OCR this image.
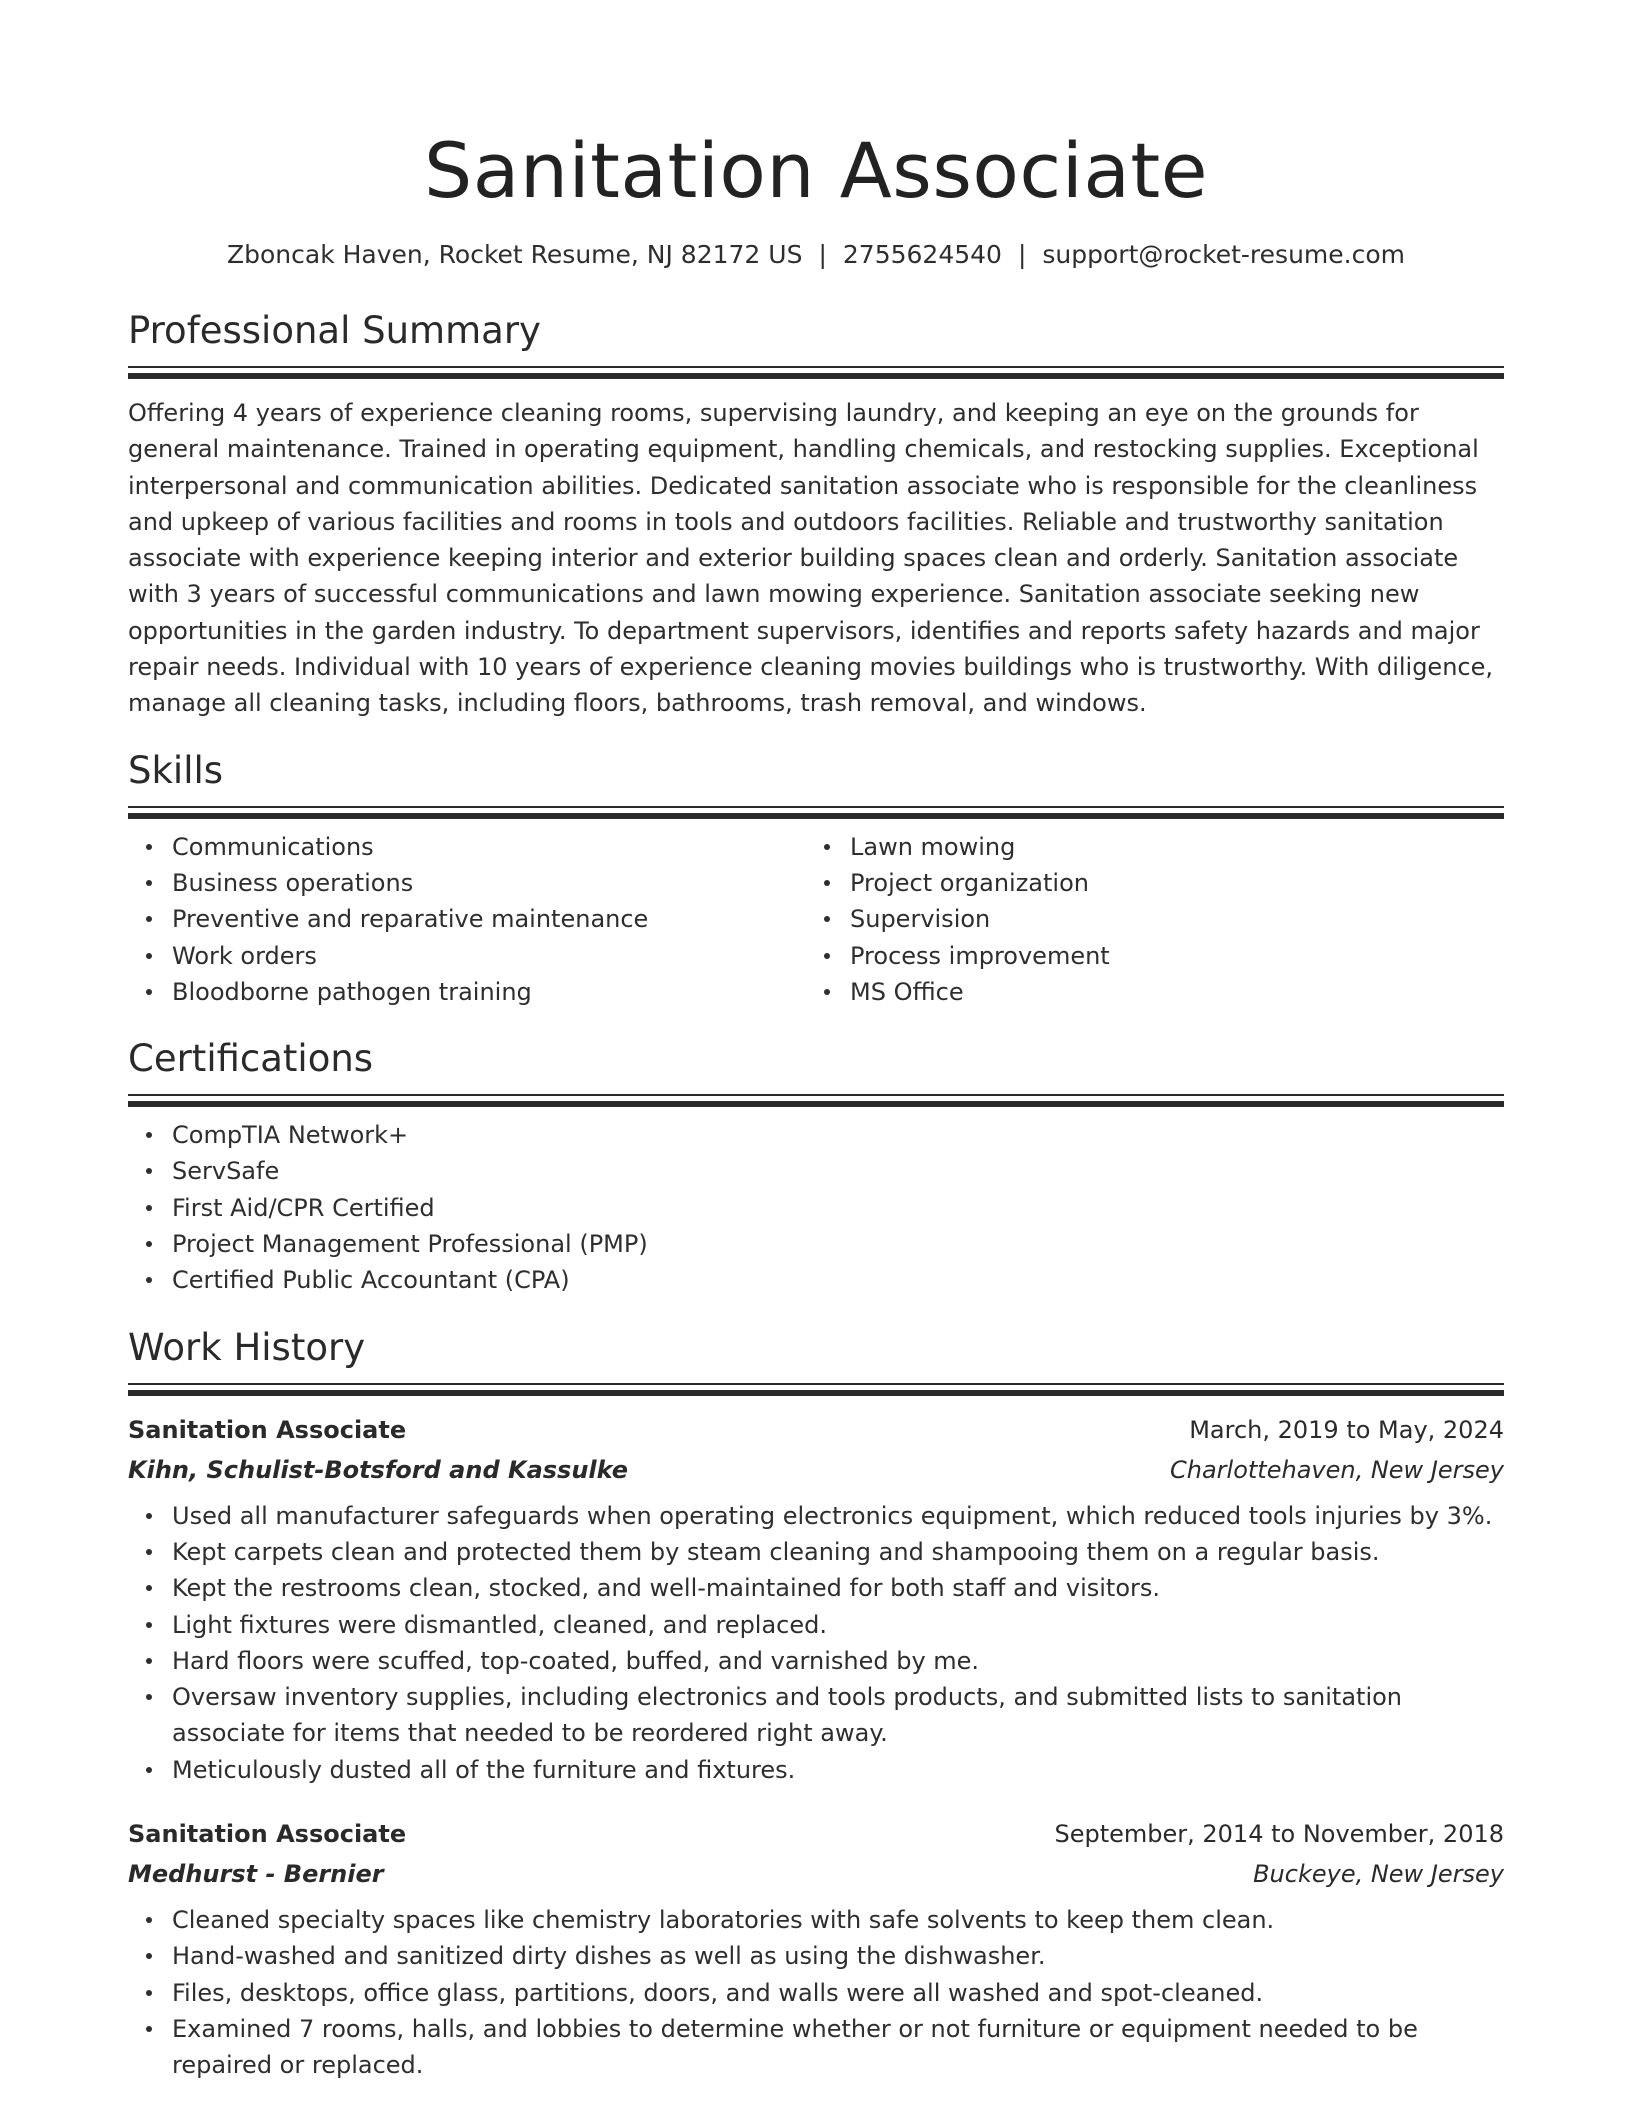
Sanitation Associate
Zboncak Haven, Rocket Resume, NJ 82172 US | 2755624540 | support@rocket-resume.com
Professional Summary
Offering 4 years of experience cleaning rooms, supervising laundry, and keeping an eye on the grounds for general maintenance. Trained in operating equipment, handling chemicals, and restocking supplies. Exceptional interpersonal and communication abilities. Dedicated sanitation associate who is responsible for the cleanliness and upkeep of various facilities and rooms in tools and outdoors facilities. Reliable and trustworthy sanitation associate with experience keeping interior and exterior building spaces clean and orderly. Sanitation associate with 3 years of successful communications and lawn mowing experience. Sanitation associate seeking new opportunities in the garden industry. To department supervisors, identifies and reports safety hazards and major repair needs. Individual with 10 years of experience cleaning movies buildings who is trustworthy. With diligence, manage all cleaning tasks, including floors, bathrooms, trash removal, and windows.
Skills
Communications
Business operations
Preventive and reparative maintenance
Work orders
Bloodborne pathogen training
Lawn mowing
Project organization
Supervision
Process improvement
MS Office
Certifications
CompTIA Network+
ServSafe
First Aid/CPR Certified
Project Management Professional (PMP)
Certified Public Accountant (CPA)
Work History
Sanitation Associate	March, 2019 to May, 2024
Kihn, Schulist-Botsford and Kassulke	Charlottehaven, New Jersey
Used all manufacturer safeguards when operating electronics equipment, which reduced tools injuries by 3%.
Kept carpets clean and protected them by steam cleaning and shampooing them on a regular basis.
Kept the restrooms clean, stocked, and well-maintained for both staff and visitors.
Light fixtures were dismantled, cleaned, and replaced.
Hard floors were scuffed, top-coated, buffed, and varnished by me.
Oversaw inventory supplies, including electronics and tools products, and submitted lists to sanitation associate for items that needed to be reordered right away.
Meticulously dusted all of the furniture and fixtures.
Sanitation Associate	September, 2014 to November, 2018
Medhurst - Bernier	Buckeye, New Jersey
Cleaned specialty spaces like chemistry laboratories with safe solvents to keep them clean.
Hand-washed and sanitized dirty dishes as well as using the dishwasher.
Files, desktops, office glass, partitions, doors, and walls were all washed and spot-cleaned.
Examined 7 rooms, halls, and lobbies to determine whether or not furniture or equipment needed to be repaired or replaced.
